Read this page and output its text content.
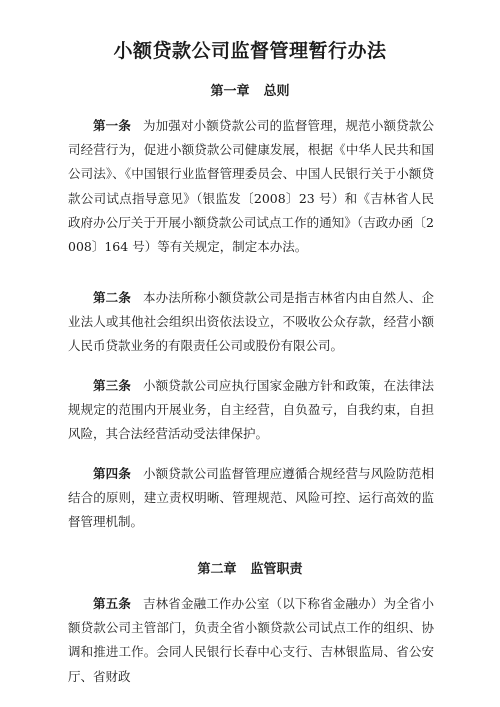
小额贷款公司监督管理暂行办法
第一章 总则

第一条 为加强对小额贷款公司的监督管理，规范小额贷款公司经营行为，促进小额贷款公司健康发展，根据《中华人民共和国公司法》、《中国银行业监督管理委员会、中国人民银行关于小额贷款公司试点指导意见》（银监发〔2008〕23 号）和《吉林省人民政府办公厅关于开展小额贷款公司试点工作的通知》（吉政办函〔2008〕164 号）等有关规定，制定本办法。

第二条 本办法所称小额贷款公司是指吉林省内由自然人、企业法人或其他社会组织出资依法设立，不吸收公众存款，经营小额人民币贷款业务的有限责任公司或股份有限公司。

第三条 小额贷款公司应执行国家金融方针和政策，在法律法规规定的范围内开展业务，自主经营，自负盈亏，自我约束，自担风险，其合法经营活动受法律保护。

第四条 小额贷款公司监督管理应遵循合规经营与风险防范相结合的原则，建立责权明晰、管理规范、风险可控、运行高效的监督管理机制。

第二章 监管职责

第五条 吉林省金融工作办公室（以下称省金融办）为全省小额贷款公司主管部门，负责全省小额贷款公司试点工作的组织、协调和推进工作。会同人民银行长春中心支行、吉林银监局、省公安厅、省财政
